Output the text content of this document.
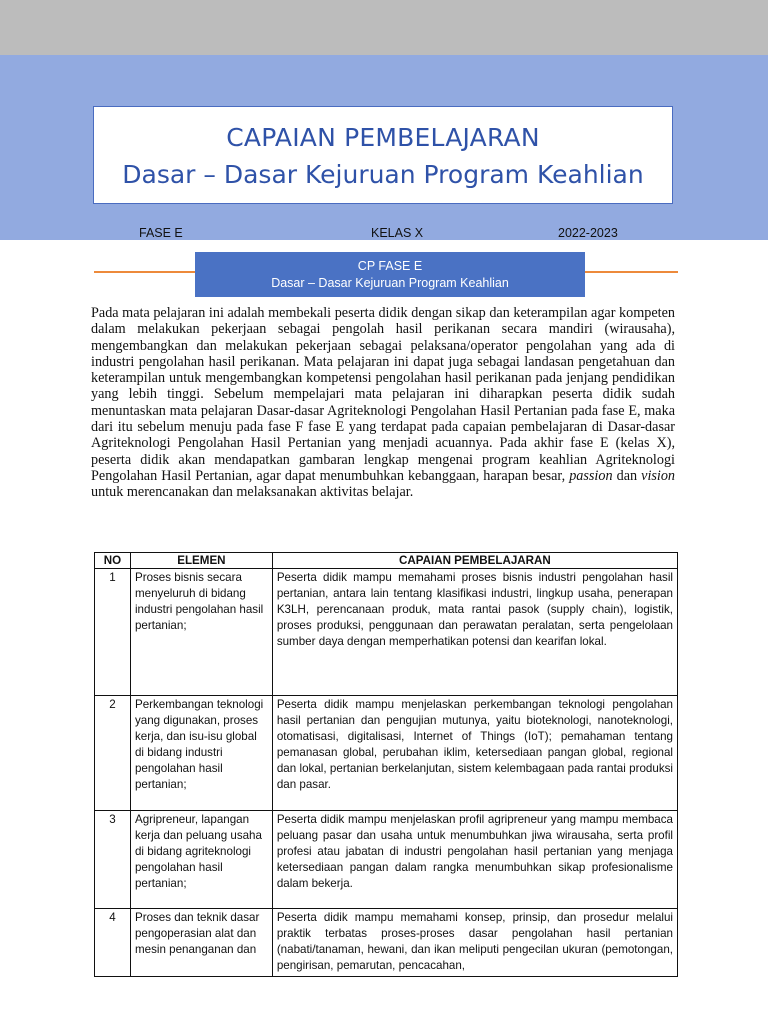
CAPAIAN PEMBELAJARAN
Dasar – Dasar Kejuruan Program Keahlian
FASE E	KELAS X	2022-2023
CP FASE E
Dasar – Dasar Kejuruan Program Keahlian
Pada mata pelajaran ini adalah membekali peserta didik dengan sikap dan keterampilan agar kompeten dalam melakukan pekerjaan sebagai pengolah hasil perikanan secara mandiri (wirausaha), mengembangkan dan melakukan pekerjaan sebagai pelaksana/operator pengolahan yang ada di industri pengolahan hasil perikanan. Mata pelajaran ini dapat juga sebagai landasan pengetahuan dan keterampilan untuk mengembangkan kompetensi pengolahan hasil perikanan pada jenjang pendidikan yang lebih tinggi. Sebelum mempelajari mata pelajaran ini diharapkan peserta didik sudah menuntaskan mata pelajaran Dasar-dasar Agriteknologi Pengolahan Hasil Pertanian pada fase E, maka dari itu sebelum menuju pada fase F fase E yang terdapat pada capaian pembelajaran di Dasar-dasar Agriteknologi Pengolahan Hasil Pertanian yang menjadi acuannya. Pada akhir fase E (kelas X), peserta didik akan mendapatkan gambaran lengkap mengenai program keahlian Agriteknologi Pengolahan Hasil Pertanian, agar dapat menumbuhkan kebanggaan, harapan besar, passion dan vision untuk merencanakan dan melaksanakan aktivitas belajar.
NO	ELEMEN	CAPAIAN PEMBELAJARAN
1	Proses bisnis secara menyeluruh di bidang industri pengolahan hasil pertanian;	Peserta didik mampu memahami proses bisnis industri pengolahan hasil pertanian, antara lain tentang klasifikasi industri, lingkup usaha, penerapan K3LH, perencanaan produk, mata rantai pasok (supply chain), logistik, proses produksi, penggunaan dan perawatan peralatan, serta pengelolaan sumber daya dengan memperhatikan potensi dan kearifan lokal.
2	Perkembangan teknologi yang digunakan, proses kerja, dan isu-isu global di bidang industri pengolahan hasil pertanian;	Peserta didik mampu menjelaskan perkembangan teknologi pengolahan hasil pertanian dan pengujian mutunya, yaitu bioteknologi, nanoteknologi, otomatisasi, digitalisasi, Internet of Things (IoT); pemahaman tentang pemanasan global, perubahan iklim, ketersediaan pangan global, regional dan lokal, pertanian berkelanjutan, sistem kelembagaan pada rantai produksi dan pasar.
3	Agripreneur, lapangan kerja dan peluang usaha di bidang agriteknologi pengolahan hasil pertanian;	Peserta didik mampu menjelaskan profil agripreneur yang mampu membaca peluang pasar dan usaha untuk menumbuhkan jiwa wirausaha, serta profil profesi atau jabatan di industri pengolahan hasil pertanian yang menjaga ketersediaan pangan dalam rangka menumbuhkan sikap profesionalisme dalam bekerja.
4	Proses dan teknik dasar pengoperasian alat dan mesin penanganan dan	Peserta didik mampu memahami konsep, prinsip, dan prosedur melalui praktik terbatas proses-proses dasar pengolahan hasil pertanian (nabati/tanaman, hewani, dan ikan meliputi pengecilan ukuran (pemotongan, pengirisan, pemarutan, pencacahan,
